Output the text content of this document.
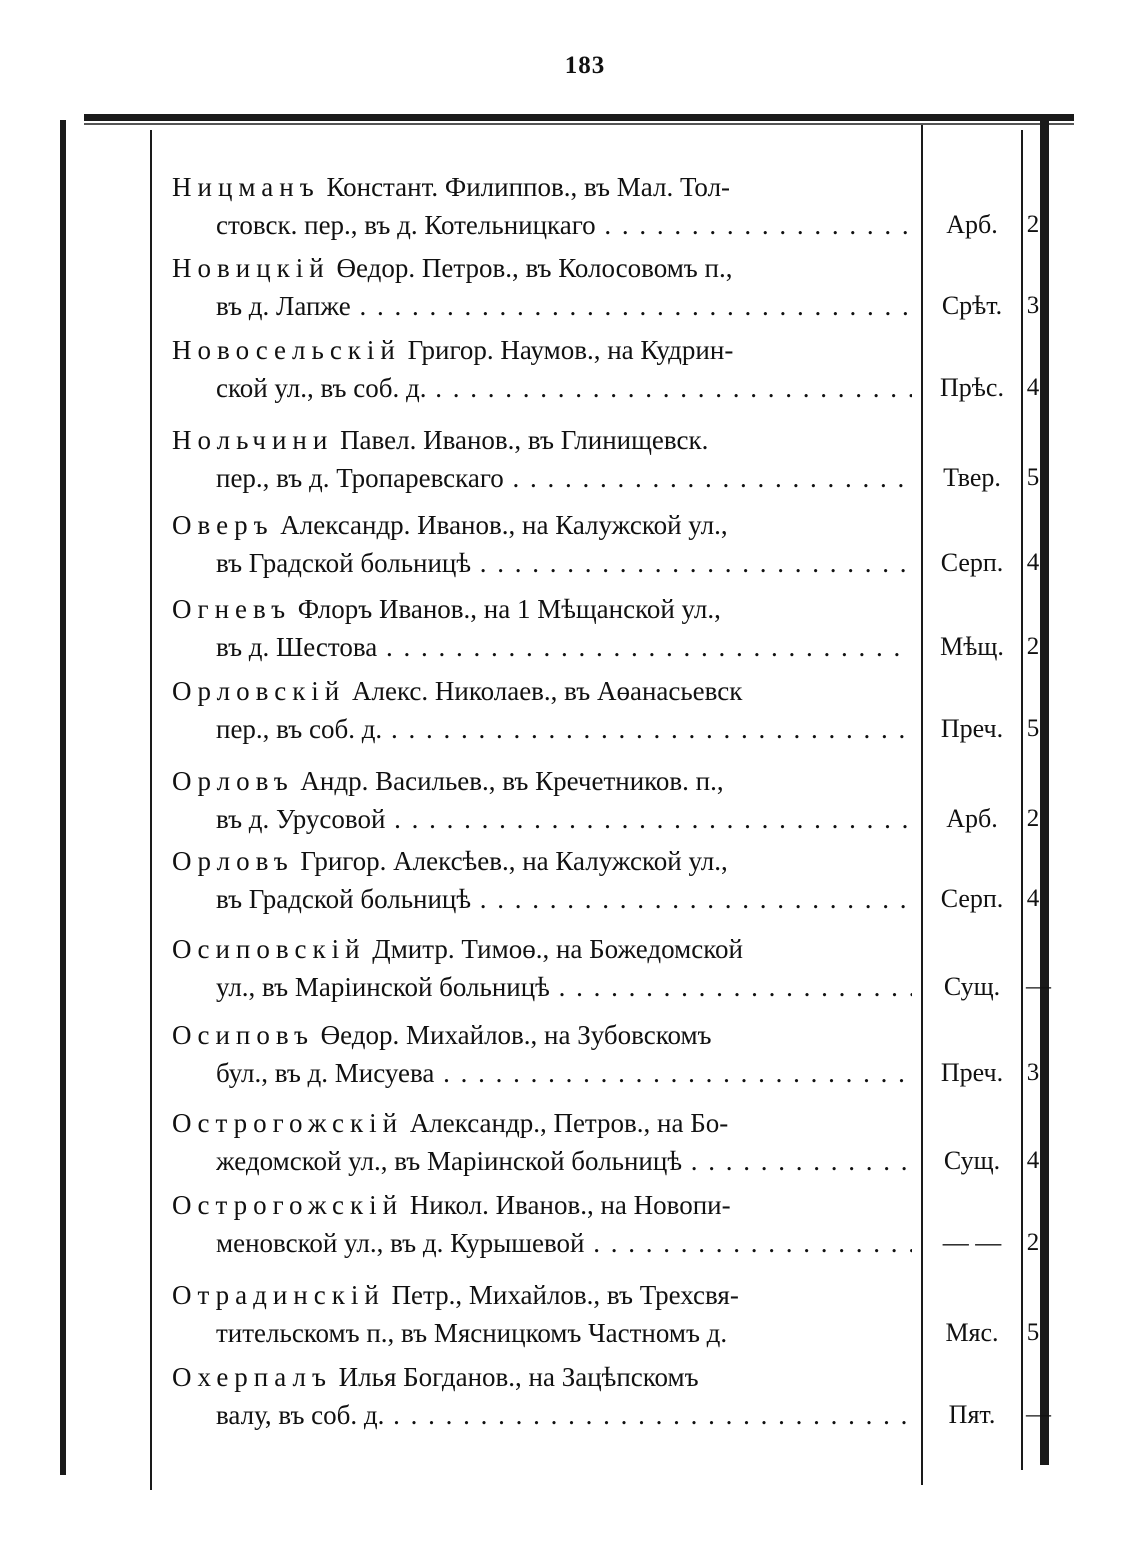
183
Ницманъ Констант. Филиппов., въ Мал. Тол-
стовск. пер., въ д. Котельницкаго . . .	Арб.	2
Новицкій Өедор. Петров., въ Колосовомъ п.,
въ д. Лапже . . .	Срѣт. 3
Новосельскій Григор. Наумов., на Кудрин-
ской ул., въ соб. д. . . .	Прѣс. 4
Нольчини Павел. Иванов., въ Глинищевск.
пер., въ д. Тропаревскаго . . .	Твер.	5
Оверъ Александр. Иванов., на Калужской ул.,
въ Градской больницѣ . . .	Серп. 4
Огневъ Флоръ Иванов., на 1 Мѣщанской ул.,
въ д. Шестова . . .	Мѣщ. 2
Орловскій Алекс. Николаев., въ Аөанасьевск
пер., въ соб. д. . . .	Преч. 5
Орловъ Андр. Васильев., въ Кречетников. п.,
въ д. Урусовой . . .	Арб.	2
Орловъ Григор. Алексѣев., на Калужской ул.,
въ Градской больницѣ . . .	Серп. 4
Осиповскій Дмитр. Тимоө., на Божедомской
ул., въ Маріинской больницѣ . . .	Сущ.	—
Осиповъ Өедор. Михайлов., на Зубовскомъ
бул., въ д. Мисуева . . .	Преч. 3
Острогожскій Александр., Петров., на Бо-
жедомской ул., въ Маріинской больницѣ . . .	Сущ.	4
Острогожскій Никол. Иванов., на Новопи-
меновской ул., въ д. Курышевой . . .	— —	2
Отрадинскій Петр., Михайлов., въ Трехсвя-
тительскомъ п., въ Мясницкомъ Частномъ д.	Мяс.	5
Охерпалъ Илья Богданов., на Зацѣпскомъ
валу, въ соб. д. . . .	Пят.	—
